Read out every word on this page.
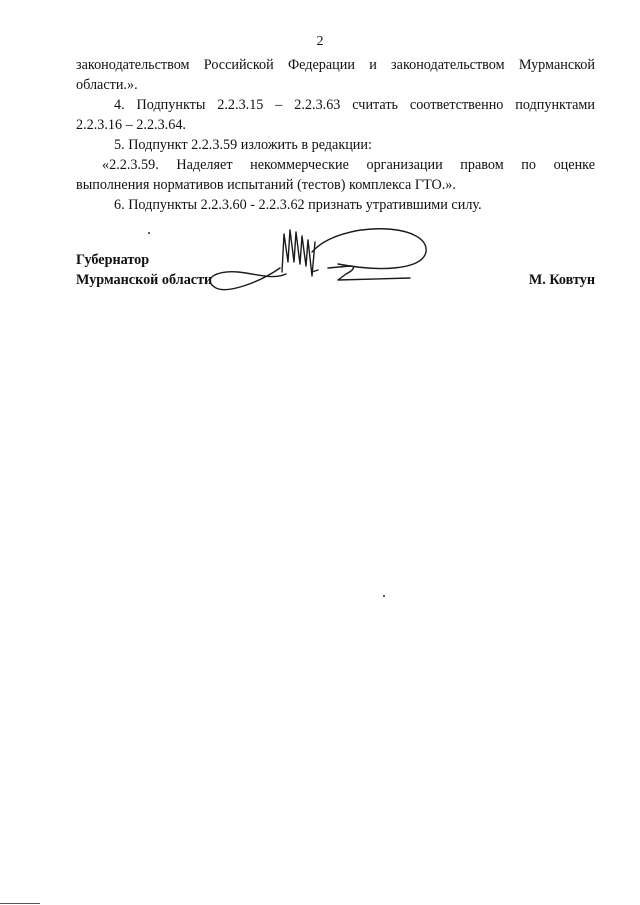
2

законодательством Российской Федерации и законодательством Мурманской
области.».

4. Подпункты 2.2.3.15 – 2.2.3.63 считать соответственно подпунктами

2.2.3.16 – 2.2.3.64.

5. Подпункт 2.2.3.59 изложить в редакции:

«2.2.3.59. Наделяет некоммерческие организации правом по оценке

выполнения нормативов испытаний (тестов) комплекса ГТО.».

6. Подпункты 2.2.3.60 - 2.2.3.62 признать утратившими силу.

Губернатор
Мурманской области	М. Ковтун
